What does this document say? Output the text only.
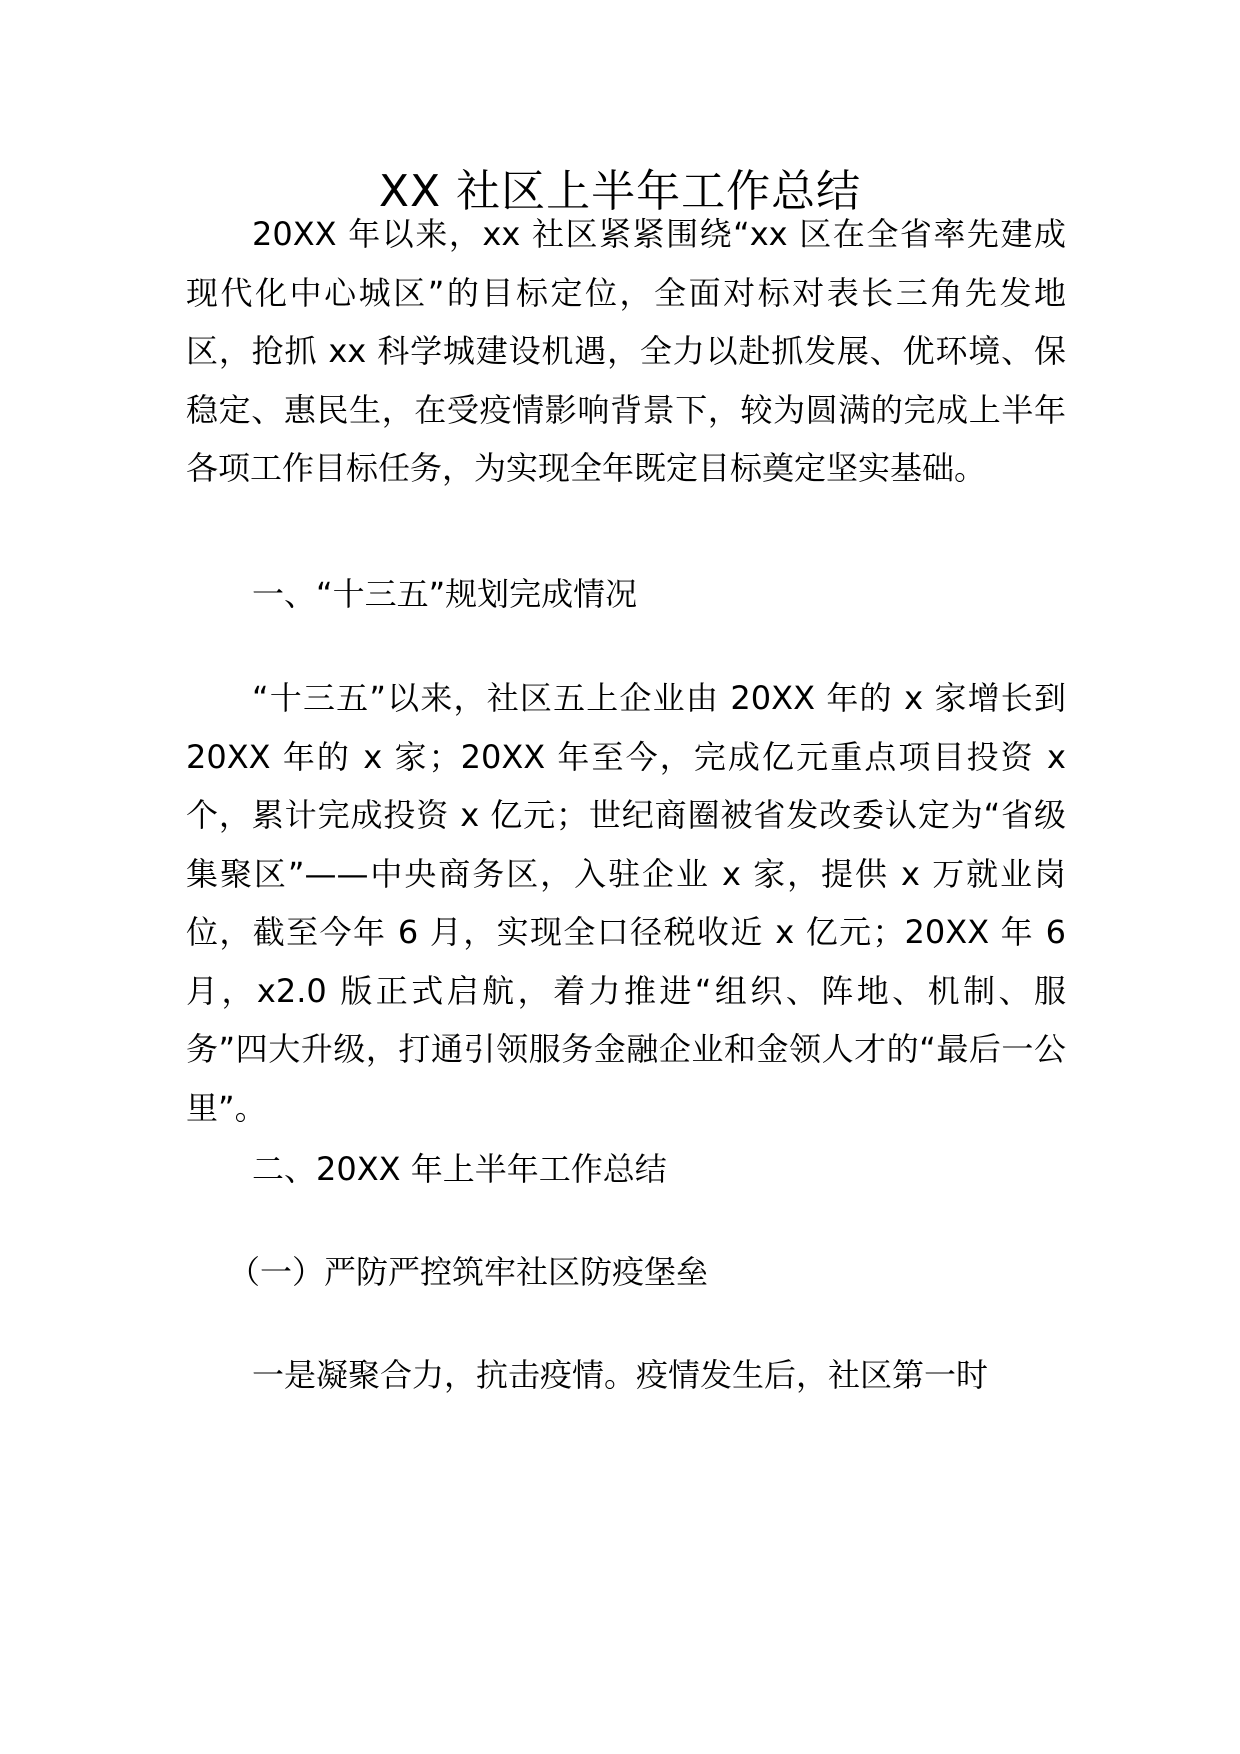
XX 社区上半年工作总结

20XX 年以来，xx 社区紧紧围绕“xx 区在全省率先建成现代化中心城区”的目标定位，全面对标对表长三角先发地区，抢抓 xx 科学城建设机遇，全力以赴抓发展、优环境、保稳定、惠民生，在受疫情影响背景下，较为圆满的完成上半年各项工作目标任务，为实现全年既定目标奠定坚实基础。

一、“十三五”规划完成情况

“十三五”以来，社区五上企业由 20XX 年的 x 家增长到 20XX 年的 x 家；20XX 年至今，完成亿元重点项目投资 x 个，累计完成投资 x 亿元；世纪商圈被省发改委认定为“省级集聚区”——中央商务区，入驻企业 x 家，提供 x 万就业岗位，截至今年 6 月，实现全口径税收近 x 亿元；20XX 年 6 月，x2.0 版正式启航，着力推进“组织、阵地、机制、服务”四大升级，打通引领服务金融企业和金领人才的“最后一公里”。

二、20XX 年上半年工作总结

（一）严防严控筑牢社区防疫堡垒

一是凝聚合力，抗击疫情。疫情发生后，社区第一时
